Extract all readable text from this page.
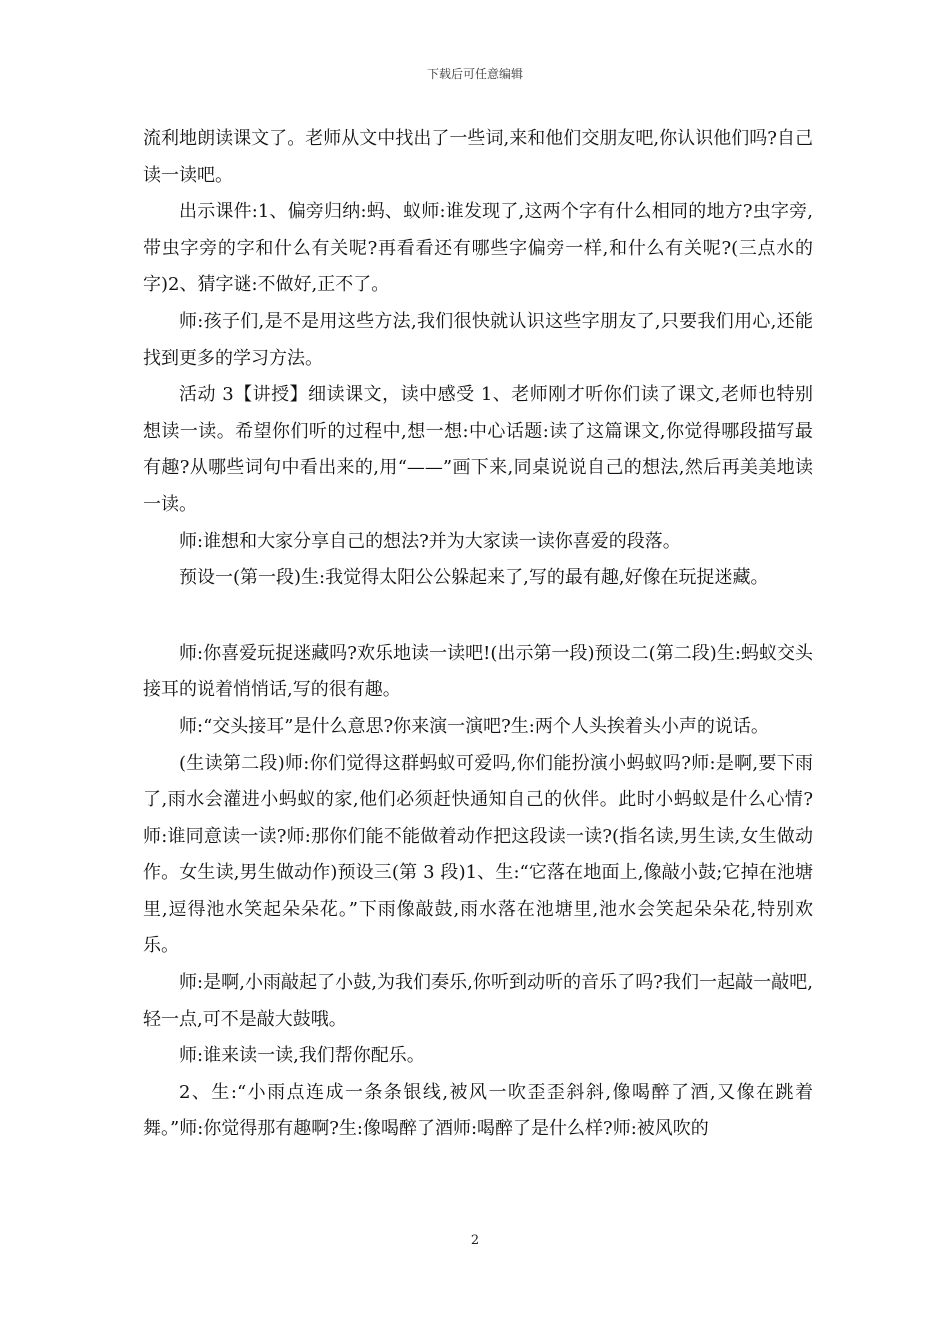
下载后可任意编辑

流利地朗读课文了。老师从文中找出了一些词,来和他们交朋友吧,你认识他们吗?自己读一读吧。

出示课件:1、偏旁归纳:蚂、蚁师:谁发现了,这两个字有什么相同的地方?虫字旁,带虫字旁的字和什么有关呢?再看看还有哪些字偏旁一样,和什么有关呢?(三点水的字)2、猜字谜:不做好,正不了。

师:孩子们,是不是用这些方法,我们很快就认识这些字朋友了,只要我们用心,还能找到更多的学习方法。

活动 3【讲授】细读课文，读中感受 1、老师刚才听你们读了课文,老师也特别想读一读。希望你们听的过程中,想一想:中心话题:读了这篇课文,你觉得哪段描写最有趣?从哪些词句中看出来的,用“——”画下来,同桌说说自己的想法,然后再美美地读一读。

师:谁想和大家分享自己的想法?并为大家读一读你喜爱的段落。

预设一(第一段)生:我觉得太阳公公躲起来了,写的最有趣,好像在玩捉迷藏。

师:你喜爱玩捉迷藏吗?欢乐地读一读吧!(出示第一段)预设二(第二段)生:蚂蚁交头接耳的说着悄悄话,写的很有趣。

师:“交头接耳”是什么意思?你来演一演吧?生:两个人头挨着头小声的说话。

(生读第二段)师:你们觉得这群蚂蚁可爱吗,你们能扮演小蚂蚁吗?师:是啊,要下雨了,雨水会灌进小蚂蚁的家,他们必须赶快通知自己的伙伴。此时小蚂蚁是什么心情?师:谁同意读一读?师:那你们能不能做着动作把这段读一读?(指名读,男生读,女生做动作。女生读,男生做动作)预设三(第 3 段)1、生:“它落在地面上,像敲小鼓;它掉在池塘里,逗得池水笑起朵朵花。”下雨像敲鼓,雨水落在池塘里,池水会笑起朵朵花,特别欢乐。

师:是啊,小雨敲起了小鼓,为我们奏乐,你听到动听的音乐了吗?我们一起敲一敲吧,轻一点,可不是敲大鼓哦。

师:谁来读一读,我们帮你配乐。

2、生:“小雨点连成一条条银线,被风一吹歪歪斜斜,像喝醉了酒,又像在跳着舞。”师:你觉得那有趣啊?生:像喝醉了酒师:喝醉了是什么样?师:被风吹的

2
